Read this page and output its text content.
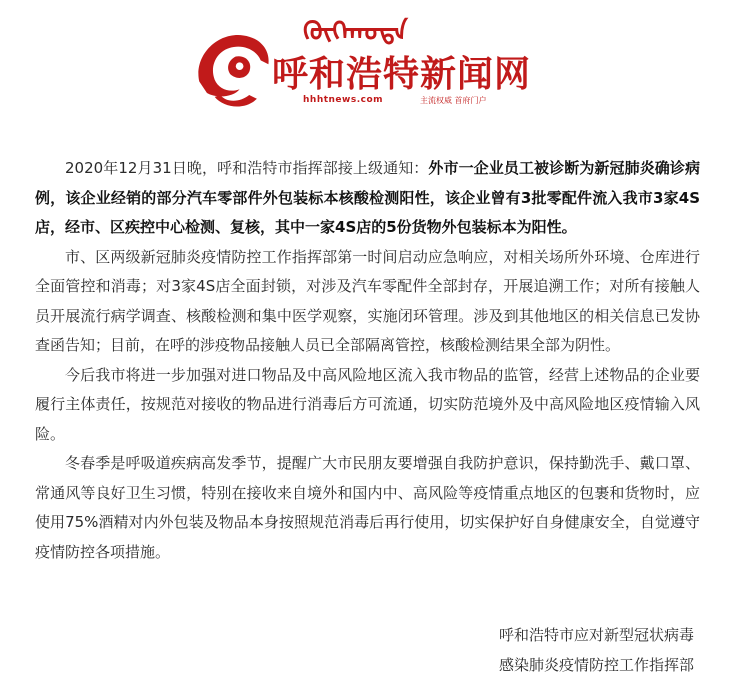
ᠬᠥᠬᠡᠬᠣᠲᠠ
呼和浩特新闻网
hhhtnews.com	主流权威 首府门户

2020年12月31日晚，呼和浩特市指挥部接上级通知：外市一企业员工被诊断为新冠肺炎确诊病例，该企业经销的部分汽车零部件外包装标本核酸检测阳性，该企业曾有3批零配件流入我市3家4S店，经市、区疾控中心检测、复核，其中一家4S店的5份货物外包装标本为阳性。

市、区两级新冠肺炎疫情防控工作指挥部第一时间启动应急响应，对相关场所外环境、仓库进行全面管控和消毒；对3家4S店全面封锁，对涉及汽车零配件全部封存，开展追溯工作；对所有接触人员开展流行病学调查、核酸检测和集中医学观察，实施闭环管理。涉及到其他地区的相关信息已发协查函告知；目前，在呼的涉疫物品接触人员已全部隔离管控，核酸检测结果全部为阴性。

今后我市将进一步加强对进口物品及中高风险地区流入我市物品的监管，经营上述物品的企业要履行主体责任，按规范对接收的物品进行消毒后方可流通，切实防范境外及中高风险地区疫情输入风险。

冬春季是呼吸道疾病高发季节，提醒广大市民朋友要增强自我防护意识，保持勤洗手、戴口罩、常通风等良好卫生习惯，特别在接收来自境外和国内中、高风险等疫情重点地区的包裹和货物时，应使用75%酒精对内外包装及物品本身按照规范消毒后再行使用，切实保护好自身健康安全，自觉遵守疫情防控各项措施。

呼和浩特市应对新型冠状病毒
感染肺炎疫情防控工作指挥部
